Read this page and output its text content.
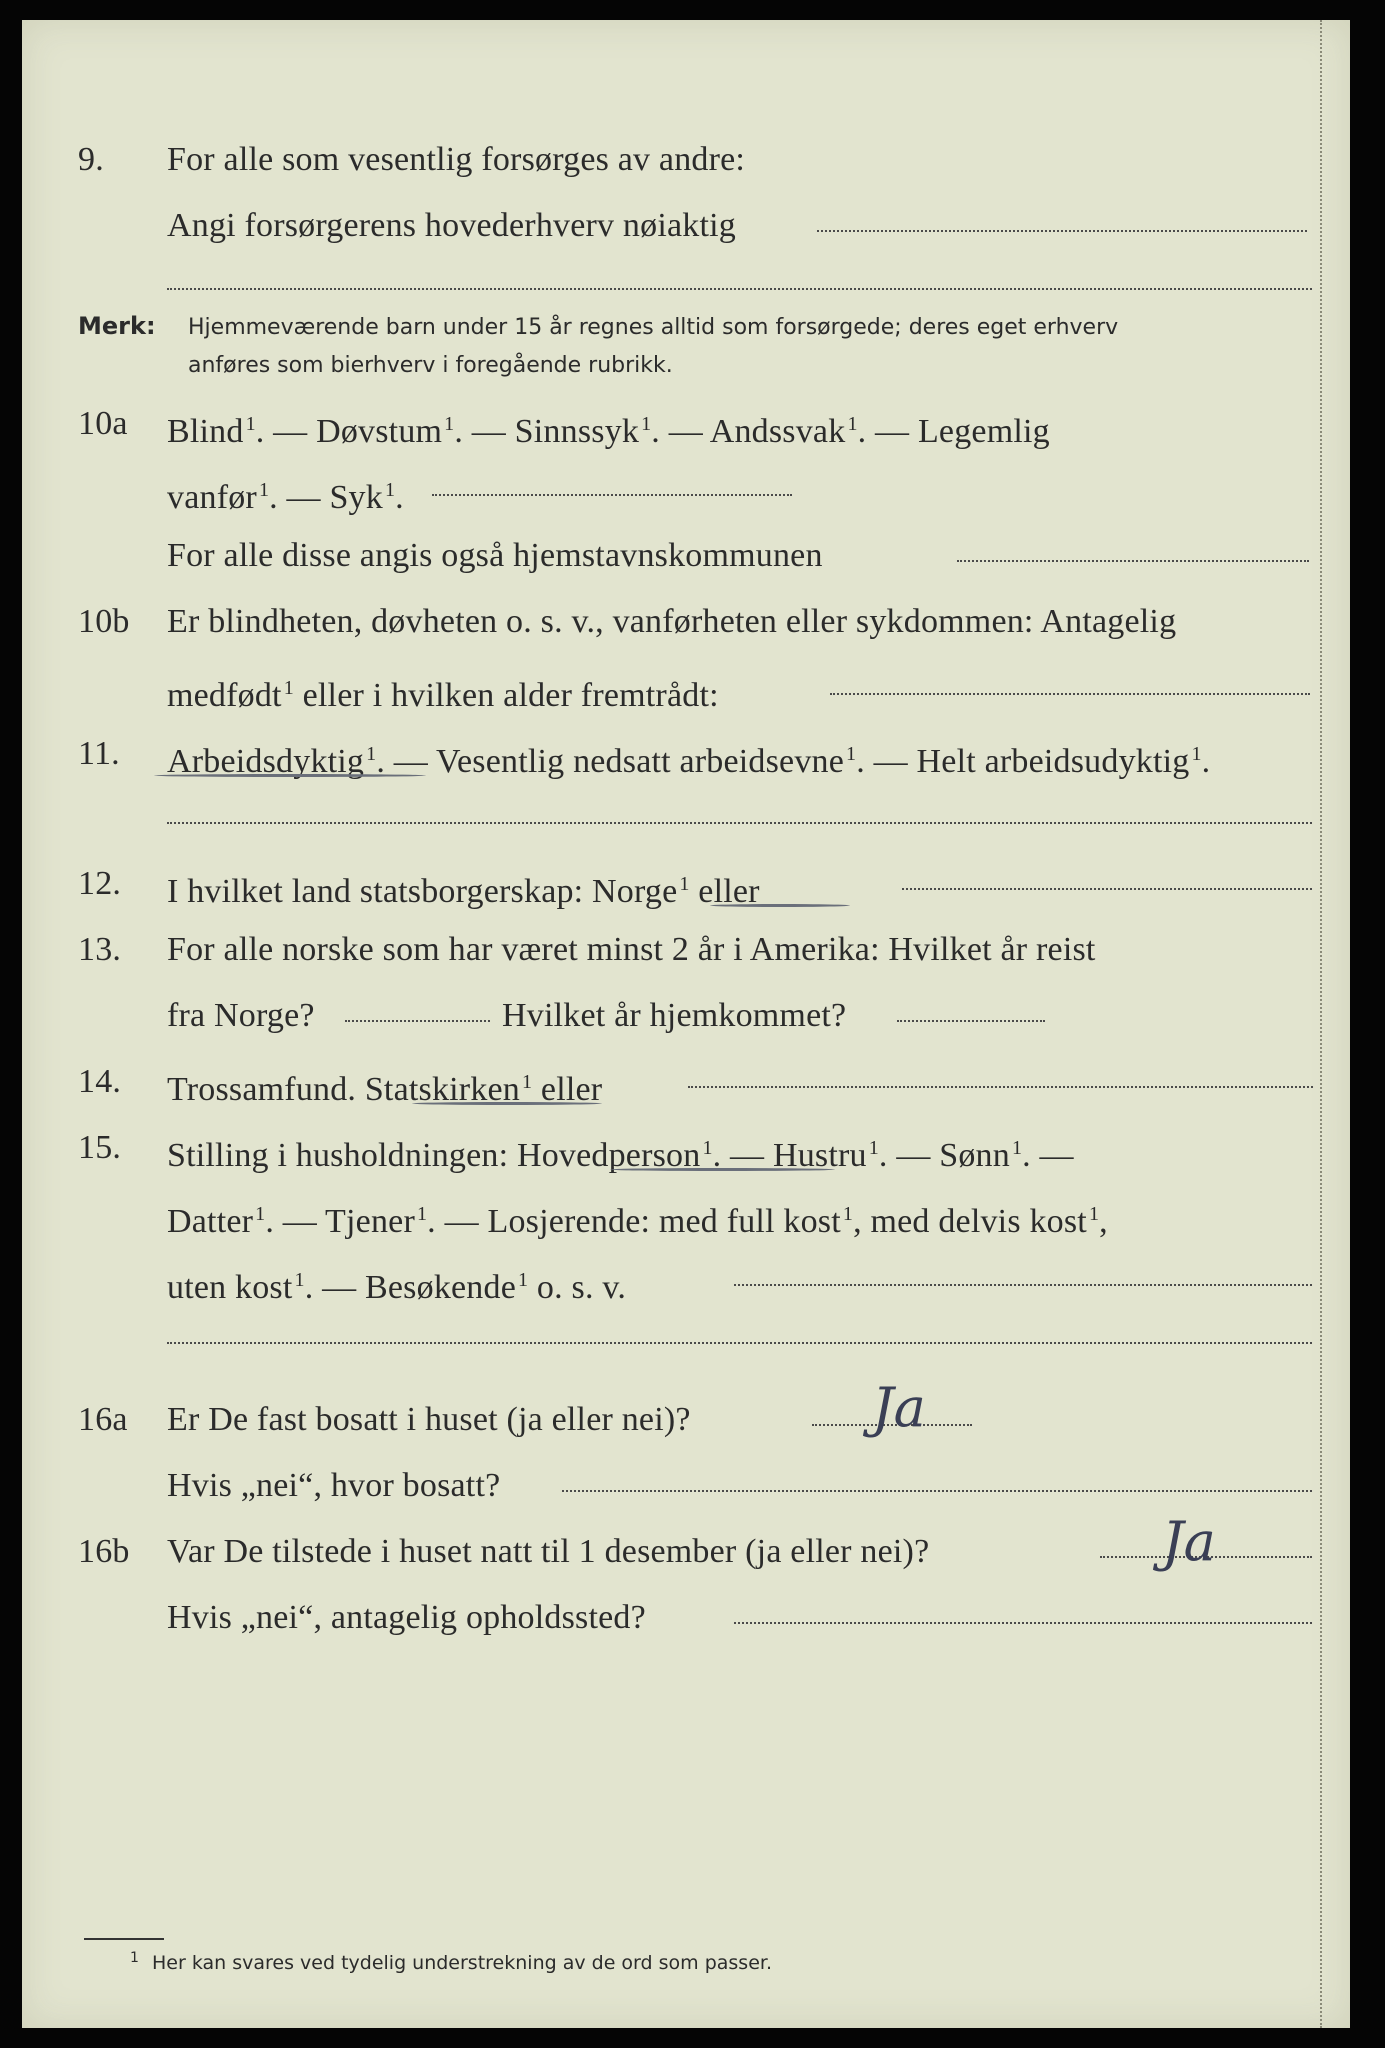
9. For alle som vesentlig forsørges av andre:
Angi forsørgerens hovederhverv nøiaktig
Merk: Hjemmeværende barn under 15 år regnes alltid som forsørgede; deres eget erhverv
anføres som bierhverv i foregående rubrikk.
10a Blind $^1$. — Døvstum $^1$. — Sinnssyk $^1$. — Andssvak $^1$. — Legemlig
vanfør $^1$. — Syk $^1$.
For alle disse angis også hjemstavnskommunen
10b Er blindheten, døvheten o. s. v., vanførheten eller sykdommen: Antagelig
medfødt $^1$ eller i hvilken alder fremtrådt:
11. Arbeidsdyktig $^1$. — Vesentlig nedsatt arbeidsevne $^1$. — Helt arbeidsudyktig $^1$.
12. I hvilket land statsborgerskap: Norge $^1$ eller
13. For alle norske som har været minst 2 år i Amerika: Hvilket år reist
fra Norge?	Hvilket år hjemkommet?
14. Trossamfund. Statskirken $^1$ eller
15. Stilling i husholdningen: Hovedperson $^1$. — Hustru $^1$. — Sønn $^1$. —
Datter $^1$. — Tjener $^1$. — Losjerende: med full kost $^1$, med delvis kost $^1$,
uten kost $^1$. — Besøkende $^1$ o. s. v.
16a Er De fast bosatt i huset (ja eller nei)?	Ja
Hvis „nei“, hvor bosatt?
16b Var De tilstede i huset natt til 1 desember (ja eller nei)?	Ja
Hvis „nei“, antagelig opholdssted?
1 Her kan svares ved tydelig understrekning av de ord som passer.
